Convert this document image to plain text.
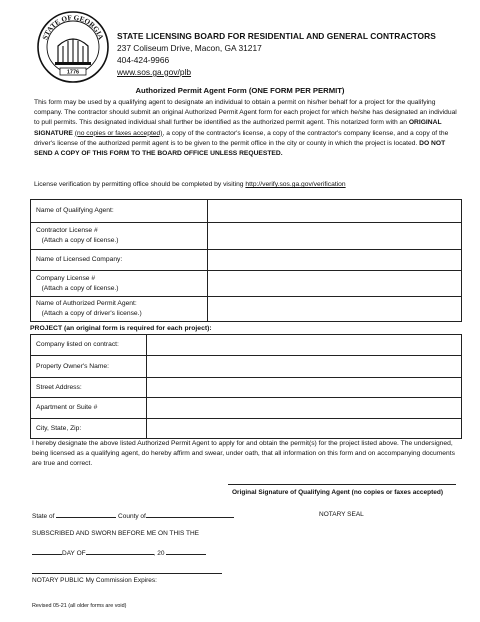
STATE OF GEORGIA
1776
STATE LICENSING BOARD FOR RESIDENTIAL AND GENERAL CONTRACTORS
237 Coliseum Drive, Macon, GA 31217
404-424-9966
www.sos.ga.gov/plb
Authorized Permit Agent Form (ONE FORM PER PERMIT)
This form may be used by a qualifying agent to designate an individual to obtain a permit on his/her behalf for a project for the qualifying company. The contractor should submit an original Authorized Permit Agent form for each project for which he/she has designated an individual to pull permits. This designated individual shall further be identified as the authorized permit agent. This notarized form with an ORIGINAL SIGNATURE (no copies or faxes accepted), a copy of the contractor's license, a copy of the contractor's company license, and a copy of the driver's license of the authorized permit agent is to be given to the permit office in the city or county in which the project is located. DO NOT SEND A COPY OF THIS FORM TO THE BOARD OFFICE UNLESS REQUESTED.
License verification by permitting office should be completed by visiting http://verify.sos.ga.gov/verification
Name of Qualifying Agent:	
Contractor License #
(Attach a copy of license.)	
Name of Licensed Company:	
Company License #
(Attach a copy of license.)	
Name of Authorized Permit Agent:
(Attach a copy of driver's license.)	
PROJECT (an original form is required for each project):
Company listed on contract:	
Property Owner's Name:	
Street Address:	
Apartment or Suite #	
City, State, Zip:	
I hereby designate the above listed Authorized Permit Agent to apply for and obtain the permit(s) for the project listed above. The undersigned, being licensed as a qualifying agent, do hereby affirm and swear, under oath, that all information on this form and on accompanying documents are true and correct.
Original Signature of Qualifying Agent (no copies or faxes accepted)
State of	County of	NOTARY SEAL
SUBSCRIBED AND SWORN BEFORE ME ON THIS THE
DAY OF	, 20
NOTARY PUBLIC My Commission Expires:
Revised 05-21 (all older forms are void)
